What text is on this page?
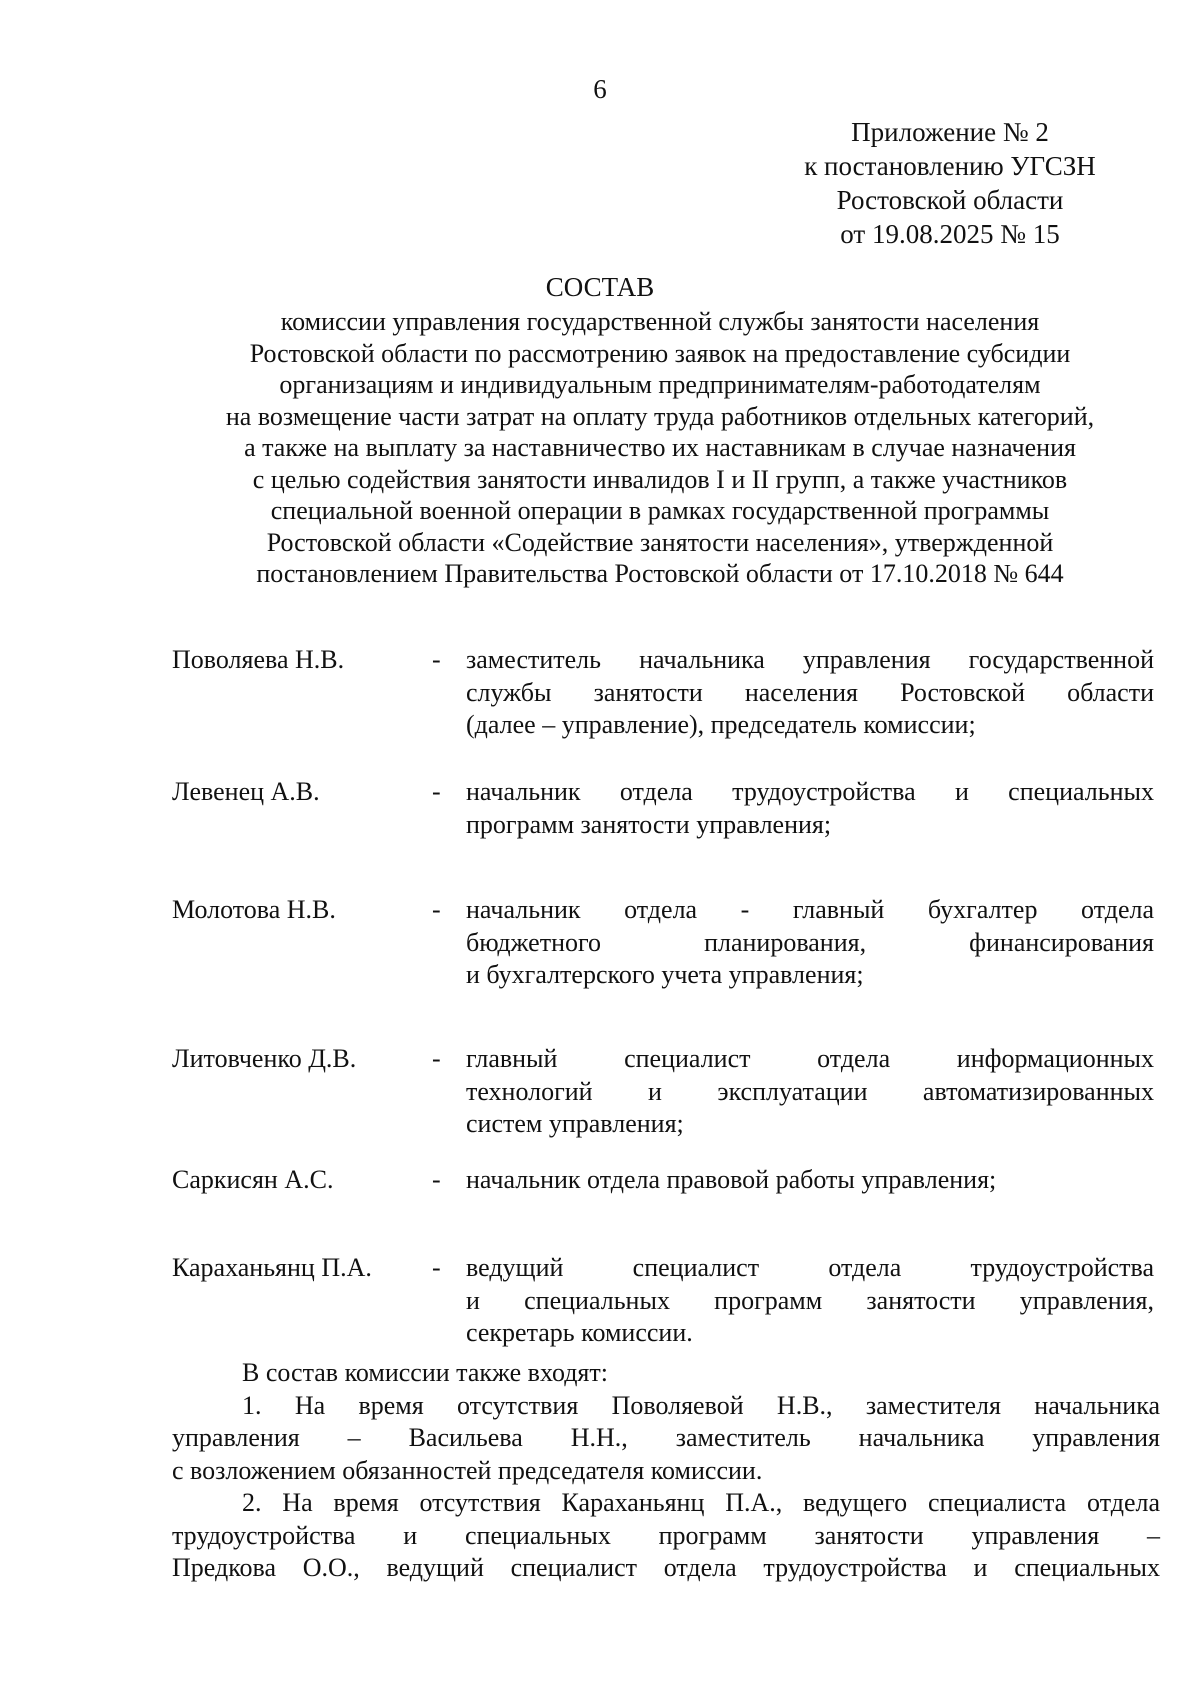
6
Приложение № 2
к постановлению УГСЗН
Ростовской области
от 19.08.2025 № 15
СОСТАВ
комиссии управления государственной службы занятости населения
Ростовской области по рассмотрению заявок на предоставление субсидии
организациям и индивидуальным предпринимателям-работодателям
на возмещение части затрат на оплату труда работников отдельных категорий,
а также на выплату за наставничество их наставникам в случае назначения
с целью содействия занятости инвалидов I и II групп, а также участников
специальной военной операции в рамках государственной программы
Ростовской области «Содействие занятости населения», утвержденной
постановлением Правительства Ростовской области от 17.10.2018 № 644
Поволяева Н.В.	- заместитель начальника управления государственной
службы занятости населения Ростовской области
(далее – управление), председатель комиссии;
Левенец А.В.	- начальник отдела трудоустройства и специальных
программ занятости управления;
Молотова Н.В.	- начальник отдела - главный бухгалтер отдела
бюджетного планирования, финансирования
и бухгалтерского учета управления;
Литовченко Д.В.	- главный специалист отдела информационных
технологий и эксплуатации автоматизированных
систем управления;
Саркисян А.С.	- начальник отдела правовой работы управления;
Караханьянц П.А. - ведущий специалист отдела трудоустройства
и специальных программ занятости управления,
секретарь комиссии.
В состав комиссии также входят:
1. На время отсутствия Поволяевой Н.В., заместителя начальника
управления – Васильева Н.Н., заместитель начальника управления
с возложением обязанностей председателя комиссии.
2. На время отсутствия Караханьянц П.А., ведущего специалиста отдела
трудоустройства и специальных программ занятости управления –
Предкова О.О., ведущий специалист отдела трудоустройства и специальных
